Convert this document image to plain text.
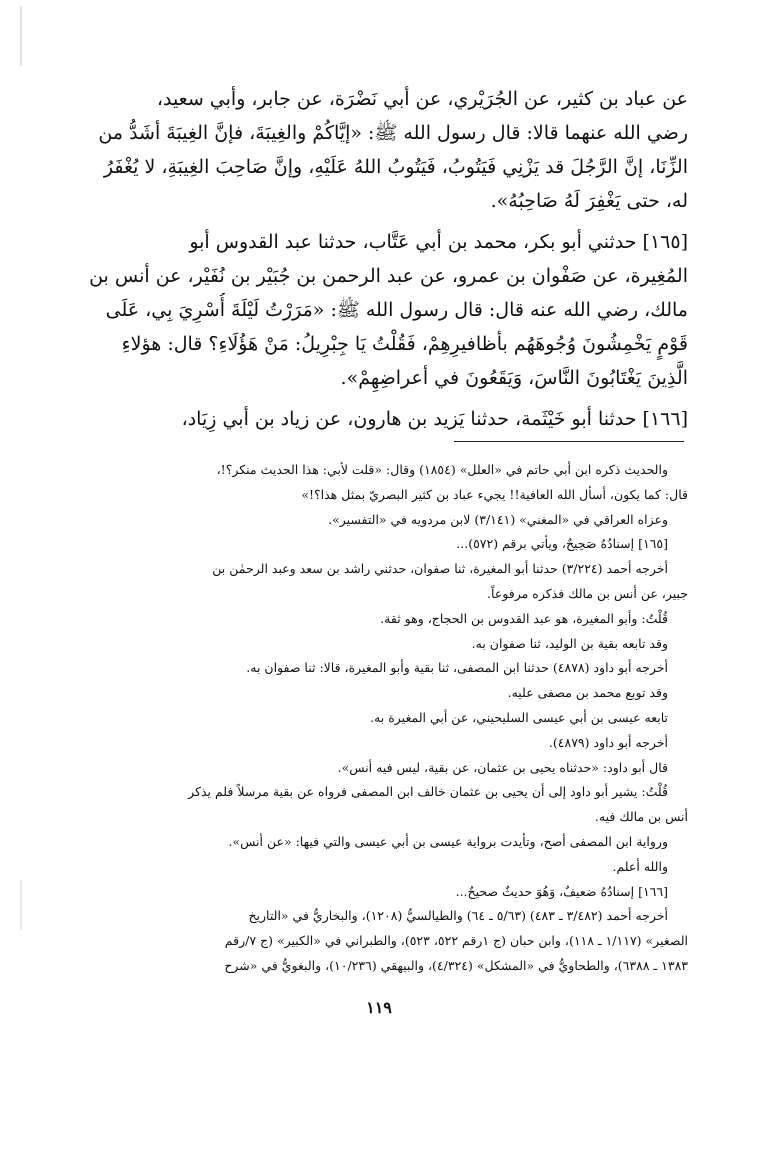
عن عباد بن كثير، عن الجُرَيْري، عن أبي نَضْرَة، عن جابر، وأبي سعيد،
رضي الله عنهما قالا: قال رسول الله ﷺ: «إيَّاكُمْ والغِيبَةَ، فإنَّ الغِيبَةَ أشَدُّ من
الزِّنَا، إنَّ الرَّجُلَ قد يَزْنِي فَيَتُوبُ، فَيَتُوبُ اللهُ عَلَيْهِ، وإنَّ صَاحِبَ الغِيبَةِ، لا يُغْفَرُ
له، حتى يَغْفِرَ لَهُ صَاحِبُهُ».

[١٦٥] حدثني أبو بكر، محمد بن أبي عَتَّاب، حدثنا عبد القدوس أبو
المُغِيرة، عن صَفْوان بن عمرو، عن عبد الرحمن بن جُبَيْر بن نُفَيْر، عن أنس بن
مالك، رضي الله عنه قال: قال رسول الله ﷺ: «مَرَرْتُ لَيْلَةَ أُسْرِيَ بِي، عَلَى
قَوْمٍ يَخْمِشُونَ وُجُوهَهُم بأظافيرِهِمْ، فَقُلْتُ يَا جِبْرِيلُ: مَنْ هَؤُلَاءِ؟ قال: هؤلاءِ
الَّذِينَ يَغْتَابُونَ النَّاسَ، وَيَقَعُونَ في أعراضِهِمْ».

[١٦٦] حدثنا أبو خَيْثَمة، حدثنا يَزيد بن هارون، عن زياد بن أبي زِيَاد،

والحديث ذكره ابن أبي حاتم في «العلل» (١٨٥٤) وقال: «قلت لأبي: هذا الحديث منكر؟!،
قال: كما يكون، أسأل الله العافية!! يجيء عباد بن كثير البصريّ بمثل هذا؟!»
وعزاه العراقي في «المغني» (٣/١٤١) لابن مردويه في «التفسير».
[١٦٥] إسنادُهُ صَحِيحٌ، ويأتي برقم (٥٧٢)...
أخرجه أحمد (٣/٢٢٤) حدثنا أبو المغيرة، ثنا صفوان، حدثني راشد بن سعد وعبد الرحمٰن بن
جبير، عن أنس بن مالك فذكره مرفوعاً.
قُلْتُ: وأبو المغيرة، هو عبد القدوس بن الحجاج، وهو ثقة.
وقد تابعه بقية بن الوليد، ثنا صفوان به.
أخرجه أبو داود (٤٨٧٨) حدثنا ابن المصفى، ثنا بقية وأبو المغيرة، قالا: ثنا صفوان به.
وقد توبع محمد بن مصفى عليه.
تابعه عيسى بن أبي عيسى السليحيني، عن أبي المغيرة به.
أخرجه أبو داود (٤٨٧٩).
قال أبو داود: «حدثناه يحيى بن عثمان، عن بقية، ليس فيه أنس».
قُلْتُ: يشير أبو داود إلى أن يحيى بن عثمان خالف ابن المصفى فرواه عن بقية مرسلاً فلم يذكر
أنس بن مالك فيه.
ورواية ابن المصفى أصح، وتأيدت برواية عيسى بن أبي عيسى والتي فيها: «عن أنس».
والله أعلم.
[١٦٦] إسنادُهُ ضعيفٌ، وَهُوَ حديثٌ صحيحٌ...
أخرجه أحمد (٣/٤٨٢ ـ ٤٨٣) (٥/٦٣ ـ ٦٤) والطيالسيُّ (١٢٠٨)، والبخاريُّ في «التاريخ
الصغير» (١/١١٧ ـ ١١٨)، وابن حبان (ج ١رقم ٥٢٢، ٥٢٣)، والطبراني في «الكبير» (ج ٧/رقم
١٣٨٣ ـ ٦٣٨٨)، والطحاويُّ في «المشكل» (٤/٣٢٤)، والبيهقي (١٠/٢٣٦)، والبغويُّ في «شرح
١١٩
